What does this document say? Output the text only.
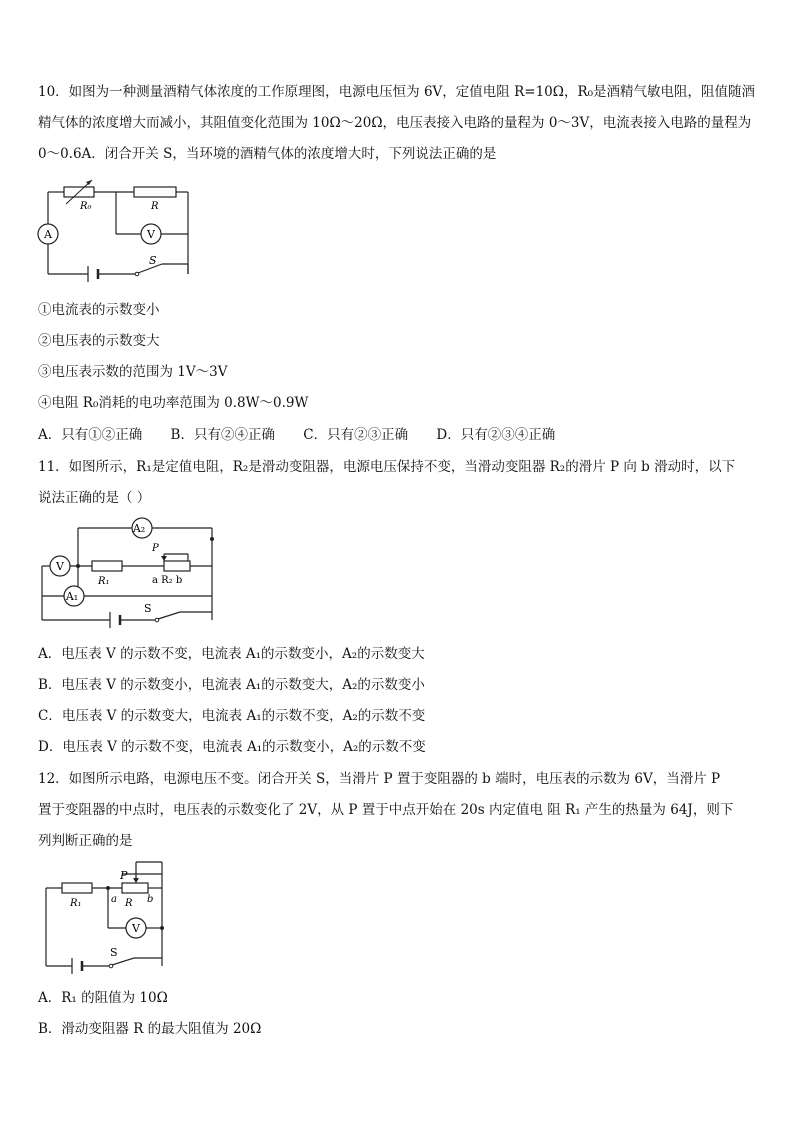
10．如图为一种测量酒精气体浓度的工作原理图，电源电压恒为 6V，定值电阻 R=10Ω，R₀是酒精气敏电阻，阻值随酒
精气体的浓度增大而减小，其阻值变化范围为 10Ω～20Ω，电压表接入电路的量程为 0～3V，电流表接入电路的量程为
0～0.6A．闭合开关 S，当环境的酒精气体的浓度增大时，下列说法正确的是
A	V
S
R₀	R
①电流表的示数变小
②电压表的示数变大
③电压表示数的范围为 1V～3V
④电阻 R₀消耗的电功率范围为 0.8W～0.9W
A．只有①②正确 B．只有②④正确 C．只有②③正确 D．只有②③④正确
11．如图所示，R₁是定值电阻，R₂是滑动变阻器，电源电压保持不变，当滑动变阻器 R₂的滑片 P 向 b 滑动时，以下
说法正确的是（ ）
A₂
V
A₁
R₁
P
a R₂ b
S
A．电压表 V 的示数不变，电流表 A₁的示数变小，A₂的示数变大
B．电压表 V 的示数变小，电流表 A₁的示数变大，A₂的示数变小
C．电压表 V 的示数变大，电流表 A₁的示数不变，A₂的示数不变
D．电压表 V 的示数不变，电流表 A₁的示数变小，A₂的示数不变
12．如图所示电路，电源电压不变。闭合开关 S，当滑片 P 置于变阻器的 b 端时，电压表的示数为 6V，当滑片 P
置于变阻器的中点时，电压表的示数变化了 2V，从 P 置于中点开始在 20s 内定值电 阻 R₁ 产生的热量为 64J，则下
列判断正确的是
R₁
P
a R b
V
S
A．R₁ 的阻值为 10Ω
B．滑动变阻器 R 的最大阻值为 20Ω
